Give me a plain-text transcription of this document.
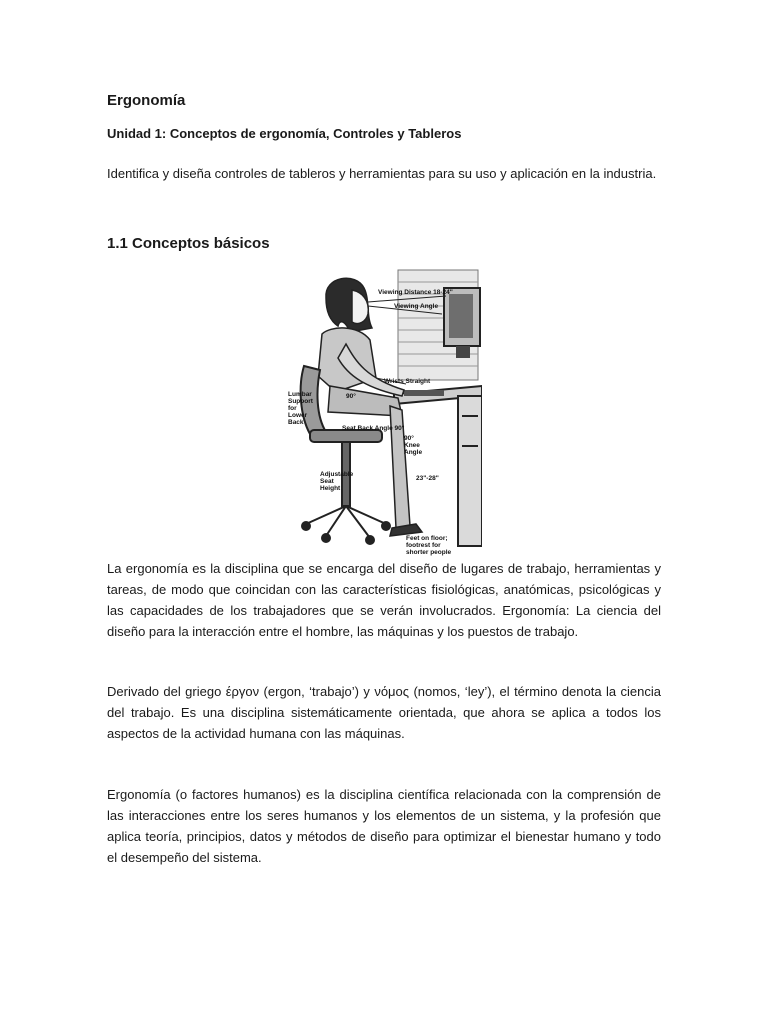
Ergonomía
Unidad 1: Conceptos de ergonomía, Controles y Tableros
Identifica y diseña controles de tableros y herramientas para su uso y aplicación en la industria.
1.1 Conceptos básicos
Viewing Distance 18-24"
Viewing Angle
Wrists Straight
90°
Lumbar Support for Lower Back
Seat Back Angle 90°
90° Knee Angle
Adjustable Seat Height
23"-28"
Feet on floor; footrest for shorter people

La ergonomía es la disciplina que se encarga del diseño de lugares de trabajo, herramientas y tareas, de modo que coincidan con las características fisiológicas, anatómicas, psicológicas y las capacidades de los trabajadores que se verán involucrados. Ergonomía: La ciencia del diseño para la interacción entre el hombre, las máquinas y los puestos de trabajo.

Derivado del griego έργον (ergon, ‘trabajo’) y νόμος (nomos, ‘ley’), el término denota la ciencia del trabajo. Es una disciplina sistemáticamente orientada, que ahora se aplica a todos los aspectos de la actividad humana con las máquinas.

Ergonomía (o factores humanos) es la disciplina científica relacionada con la comprensión de las interacciones entre los seres humanos y los elementos de un sistema, y la profesión que aplica teoría, principios, datos y métodos de diseño para optimizar el bienestar humano y todo el desempeño del sistema.
